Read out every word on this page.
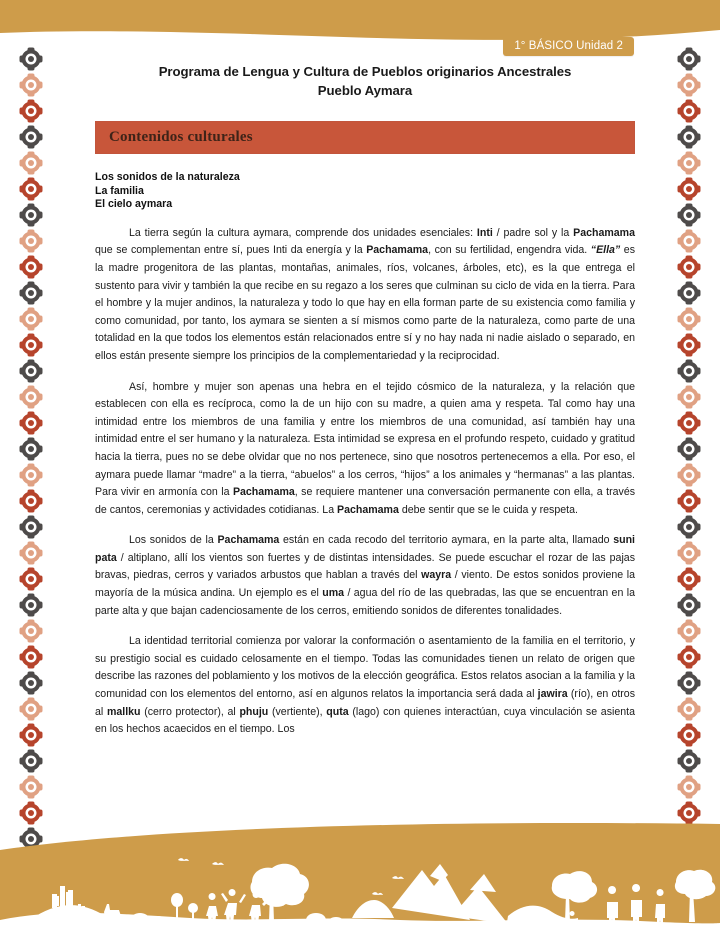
1° BÁSICO Unidad 2
Programa de Lengua y Cultura de Pueblos originarios Ancestrales
Pueblo Aymara
Contenidos culturales
Los sonidos de la naturaleza
La familia
El cielo aymara

La tierra según la cultura aymara, comprende dos unidades esenciales: Inti / padre sol y la Pachamama que se complementan entre sí, pues Inti da energía y la Pachamama, con su fertilidad, engendra vida. “Ella” es la madre progenitora de las plantas, montañas, animales, ríos, volcanes, árboles, etc), es la que entrega el sustento para vivir y también la que recibe en su regazo a los seres que culminan su ciclo de vida en la tierra. Para el hombre y la mujer andinos, la naturaleza y todo lo que hay en ella forman parte de su existencia como familia y como comunidad, por tanto, los aymara se sienten a sí mismos como parte de la naturaleza, como parte de una totalidad en la que todos los elementos están relacionados entre sí y no hay nada ni nadie aislado o separado, en ellos están presente siempre los principios de la complementariedad y la reciprocidad.

Así, hombre y mujer son apenas una hebra en el tejido cósmico de la naturaleza, y la relación que establecen con ella es recíproca, como la de un hijo con su madre, a quien ama y respeta. Tal como hay una intimidad entre los miembros de una familia y entre los miembros de una comunidad, así también hay una intimidad entre el ser humano y la naturaleza. Esta intimidad se expresa en el profundo respeto, cuidado y gratitud hacia la tierra, pues no se debe olvidar que no nos pertenece, sino que nosotros pertenecemos a ella. Por eso, el aymara puede llamar “madre” a la tierra, “abuelos” a los cerros, “hijos” a los animales y “hermanas” a las plantas. Para vivir en armonía con la Pachamama, se requiere mantener una conversación permanente con ella, a través de cantos, ceremonias y actividades cotidianas. La Pachamama debe sentir que se le cuida y respeta.

Los sonidos de la Pachamama están en cada recodo del territorio aymara, en la parte alta, llamado suni pata / altiplano, allí los vientos son fuertes y de distintas intensidades. Se puede escuchar el rozar de las pajas bravas, piedras, cerros y variados arbustos que hablan a través del wayra / viento. De estos sonidos proviene la mayoría de la música andina. Un ejemplo es el uma / agua del río de las quebradas, las que se encuentran en la parte alta y que bajan cadenciosamente de los cerros, emitiendo sonidos de diferentes tonalidades.

La identidad territorial comienza por valorar la conformación o asentamiento de la familia en el territorio, y su prestigio social es cuidado celosamente en el tiempo. Todas las comunidades tienen un relato de origen que describe las razones del poblamiento y los motivos de la elección geográfica. Estos relatos asocian a la familia y la comunidad con los elementos del entorno, así en algunos relatos la importancia será dada al jawira (río), en otros al mallku (cerro protector), al phuju (vertiente), quta (lago) con quienes interactúan, cuya vinculación se asienta en los hechos acaecidos en el tiempo. Los
